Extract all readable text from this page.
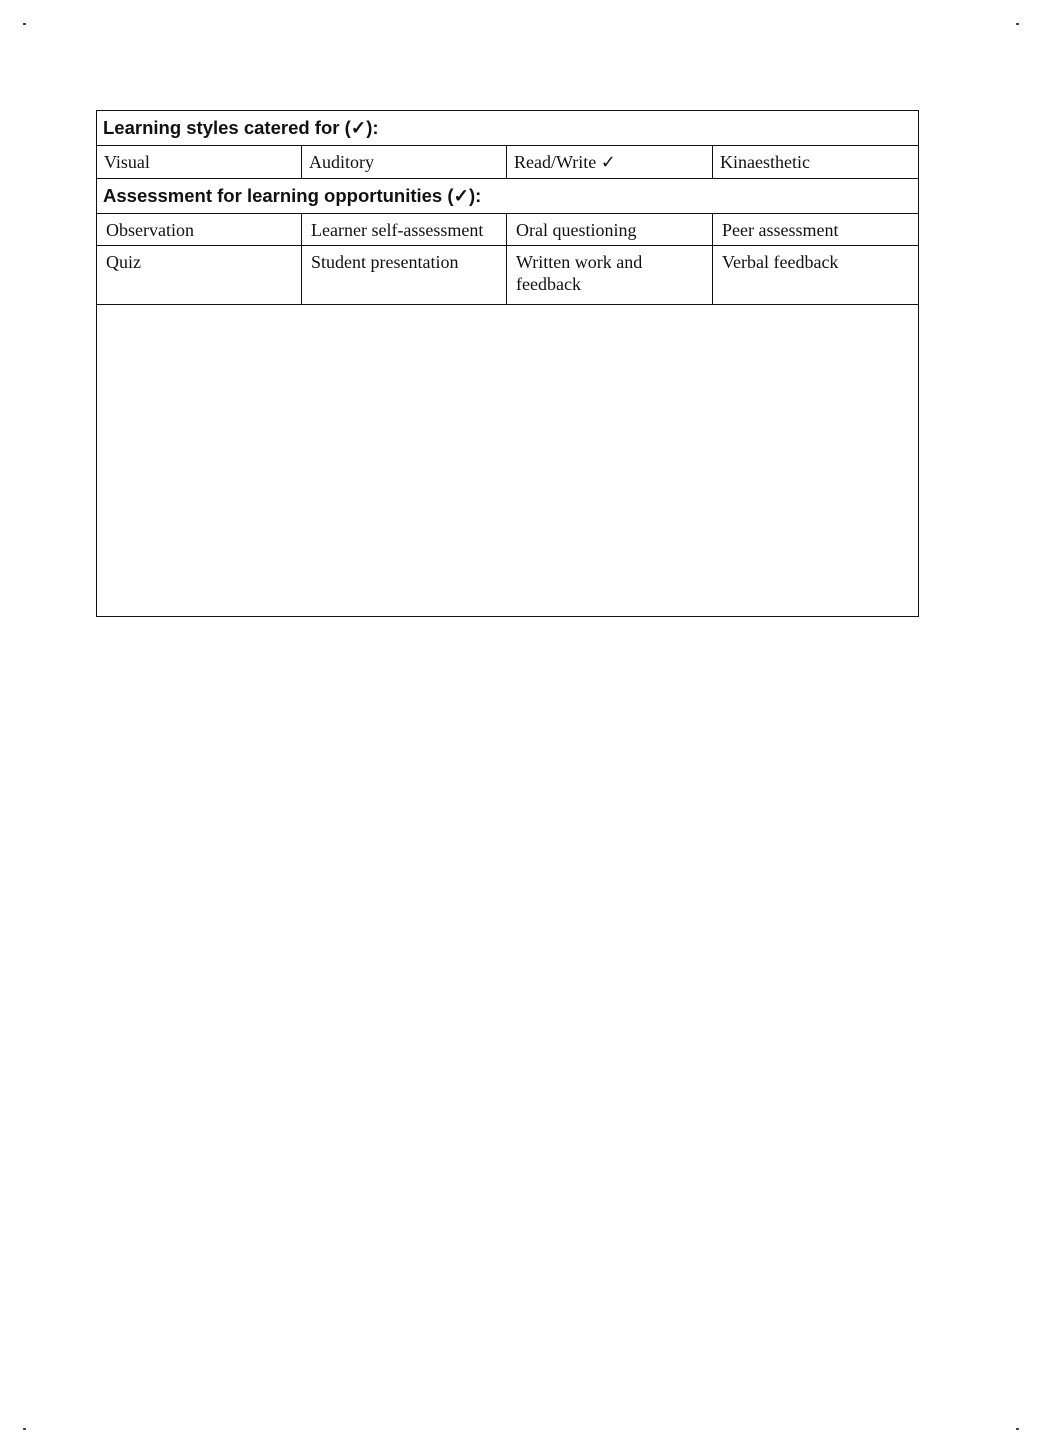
Learning styles catered for (✓):			
Visual	Auditory	Read/Write ✓	Kinaesthetic
Assessment for learning opportunities (✓):			
Observation	Learner self-assessment	Oral questioning	Peer assessment
Quiz	Student presentation	Written work and feedback	Verbal feedback
